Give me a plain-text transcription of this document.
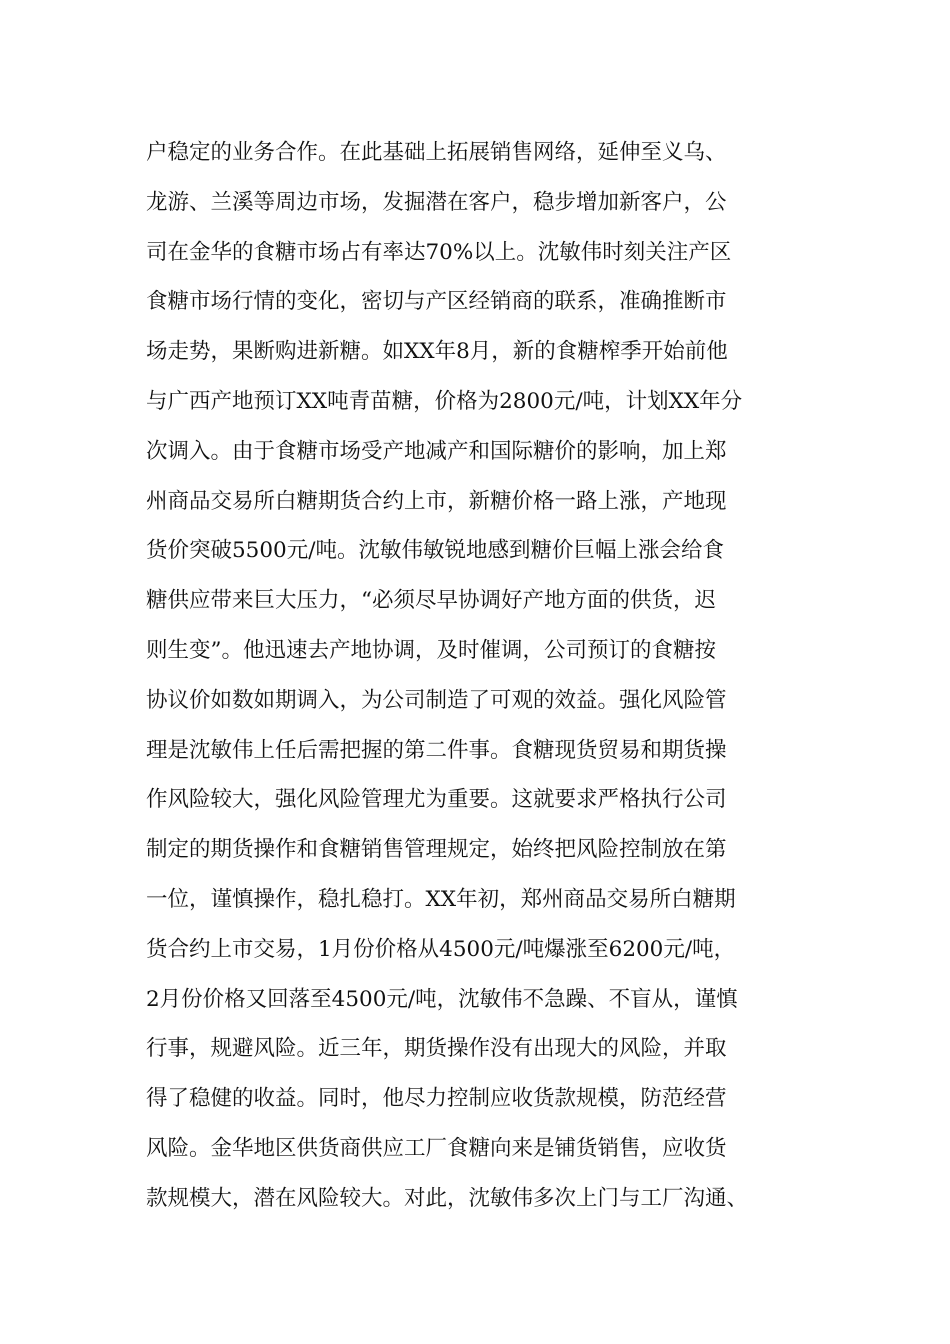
户稳定的业务合作。在此基础上拓展销售网络，延伸至义乌、
龙游、兰溪等周边市场，发掘潜在客户，稳步增加新客户，公
司在金华的食糖市场占有率达70%以上。沈敏伟时刻关注产区
食糖市场行情的变化，密切与产区经销商的联系，准确推断市
场走势，果断购进新糖。如XX年8月，新的食糖榨季开始前他
与广西产地预订XX吨青苗糖，价格为2800元/吨，计划XX年分
次调入。由于食糖市场受产地减产和国际糖价的影响，加上郑
州商品交易所白糖期货合约上市，新糖价格一路上涨，产地现
货价突破5500元/吨。沈敏伟敏锐地感到糖价巨幅上涨会给食
糖供应带来巨大压力，“必须尽早协调好产地方面的供货，迟
则生变”。他迅速去产地协调，及时催调，公司预订的食糖按
协议价如数如期调入，为公司制造了可观的效益。强化风险管
理是沈敏伟上任后需把握的第二件事。食糖现货贸易和期货操
作风险较大，强化风险管理尤为重要。这就要求严格执行公司
制定的期货操作和食糖销售管理规定，始终把风险控制放在第
一位，谨慎操作，稳扎稳打。XX年初，郑州商品交易所白糖期
货合约上市交易，1月份价格从4500元/吨爆涨至6200元/吨，
2月份价格又回落至4500元/吨，沈敏伟不急躁、不盲从，谨慎
行事，规避风险。近三年，期货操作没有出现大的风险，并取
得了稳健的收益。同时，他尽力控制应收货款规模，防范经营
风险。金华地区供货商供应工厂食糖向来是铺货销售，应收货
款规模大，潜在风险较大。对此，沈敏伟多次上门与工厂沟通、
